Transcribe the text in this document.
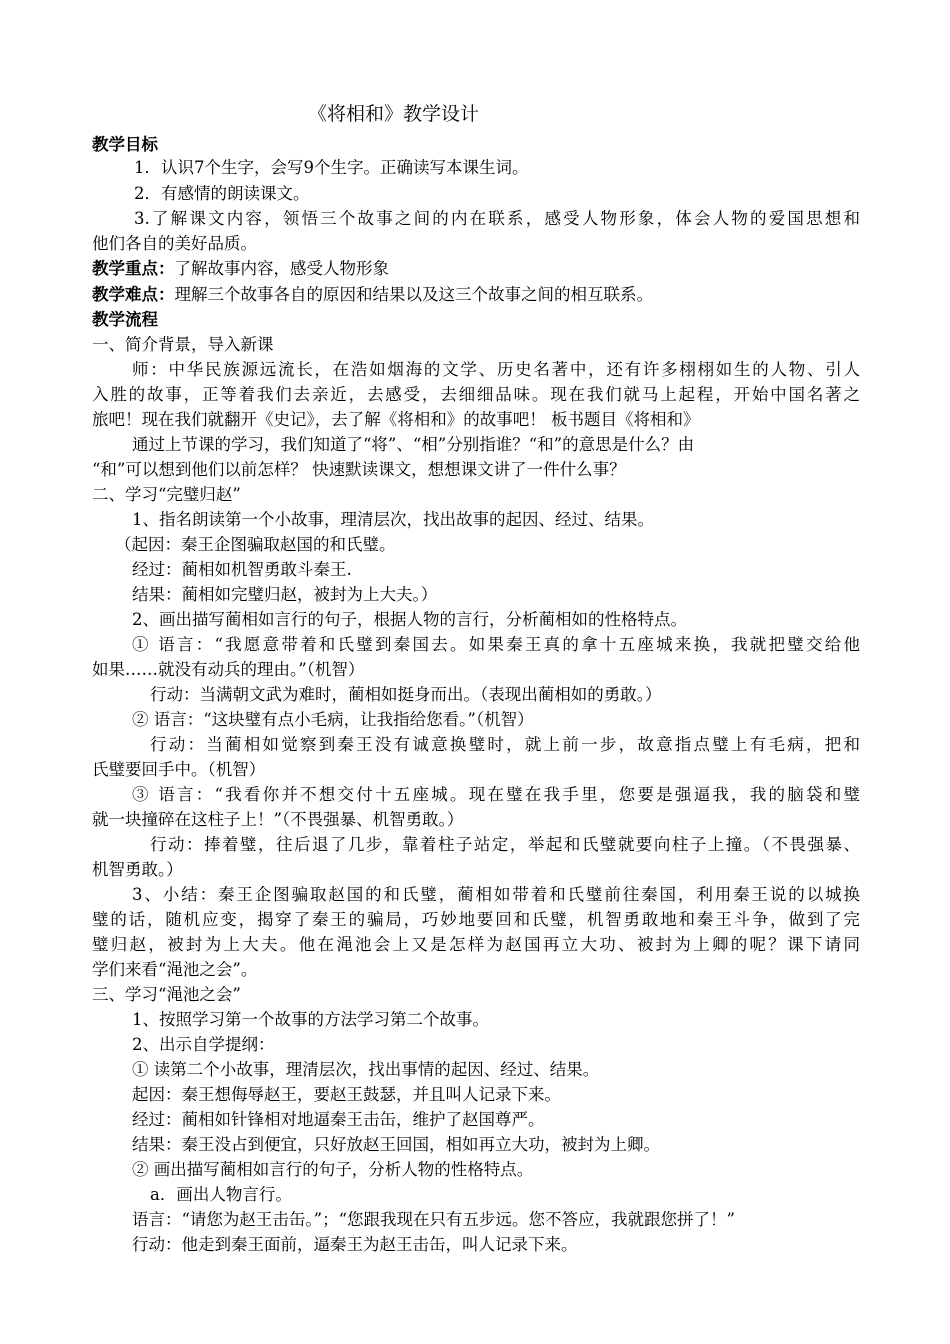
《将相和》教学设计
教学目标
1．认识7个生字，会写9个生字。正确读写本课生词。
2．有感情的朗读课文。
3.了解课文内容，领悟三个故事之间的内在联系，感受人物形象，体会人物的爱国思想和
他们各自的美好品质。
教学重点：了解故事内容，感受人物形象
教学难点：理解三个故事各自的原因和结果以及这三个故事之间的相互联系。
教学流程
一、简介背景，导入新课
师：中华民族源远流长，在浩如烟海的文学、历史名著中，还有许多栩栩如生的人物、引人
入胜的故事，正等着我们去亲近，去感受，去细细品味。现在我们就马上起程，开始中国名著之
旅吧！现在我们就翻开《史记》，去了解《将相和》的故事吧！ 板书题目《将相和》
通过上节课的学习，我们知道了“将”、“相”分别指谁？“和”的意思是什么？由
“和”可以想到他们以前怎样？ 快速默读课文，想想课文讲了一件什么事？
二、学习“完璧归赵”
1、指名朗读第一个小故事，理清层次，找出故事的起因、经过、结果。
（起因：秦王企图骗取赵国的和氏璧。
经过：蔺相如机智勇敢斗秦王.
结果：蔺相如完璧归赵，被封为上大夫。）
2、画出描写蔺相如言行的句子，根据人物的言行，分析蔺相如的性格特点。
① 语言：“我愿意带着和氏璧到秦国去。如果秦王真的拿十五座城来换，我就把璧交给他
如果……就没有动兵的理由。”（机智）
行动：当满朝文武为难时，蔺相如挺身而出。（表现出蔺相如的勇敢。）
② 语言：“这块璧有点小毛病，让我指给您看。”（机智）
行动：当蔺相如觉察到秦王没有诚意换璧时，就上前一步，故意指点璧上有毛病，把和
氏璧要回手中。（机智）
③ 语言：“我看你并不想交付十五座城。现在璧在我手里，您要是强逼我，我的脑袋和璧
就一块撞碎在这柱子上！”（不畏强暴、机智勇敢。）
行动：捧着璧，往后退了几步，靠着柱子站定，举起和氏璧就要向柱子上撞。（不畏强暴、
机智勇敢。）
3、小结：秦王企图骗取赵国的和氏璧，蔺相如带着和氏璧前往秦国，利用秦王说的以城换
璧的话，随机应变，揭穿了秦王的骗局，巧妙地要回和氏璧，机智勇敢地和秦王斗争，做到了完
璧归赵，被封为上大夫。他在渑池会上又是怎样为赵国再立大功、被封为上卿的呢？课下请同
学们来看“渑池之会”。
三、学习“渑池之会”
1、按照学习第一个故事的方法学习第二个故事。
2、出示自学提纲：
① 读第二个小故事，理清层次，找出事情的起因、经过、结果。
起因：秦王想侮辱赵王，要赵王鼓瑟，并且叫人记录下来。
经过：蔺相如针锋相对地逼秦王击缶，维护了赵国尊严。
结果：秦王没占到便宜，只好放赵王回国，相如再立大功，被封为上卿。
② 画出描写蔺相如言行的句子，分析人物的性格特点。
a．画出人物言行。
语言：“请您为赵王击缶。”；“您跟我现在只有五步远。您不答应，我就跟您拼了！”
行动：他走到秦王面前，逼秦王为赵王击缶，叫人记录下来。
